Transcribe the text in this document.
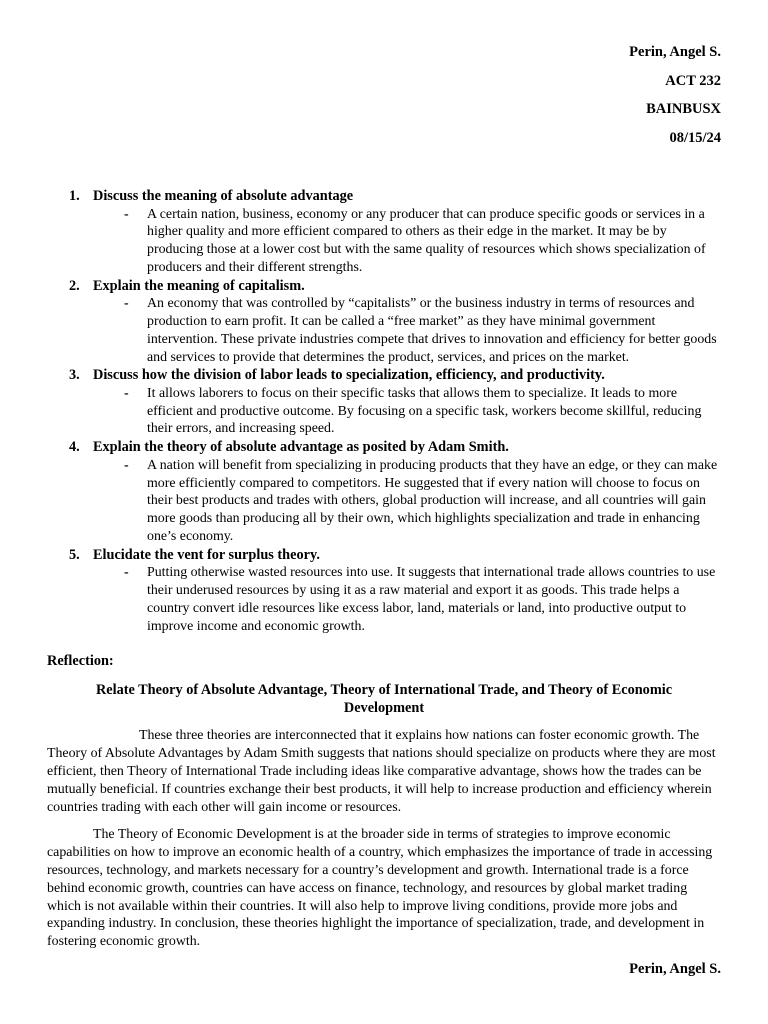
Perin, Angel S.
ACT 232
BAINBUSX
08/15/24
1. Discuss the meaning of absolute advantage
- A certain nation, business, economy or any producer that can produce specific goods or services in a higher quality and more efficient compared to others as their edge in the market. It may be by producing those at a lower cost but with the same quality of resources which shows specialization of producers and their different strengths.
2. Explain the meaning of capitalism.
- An economy that was controlled by “capitalists” or the business industry in terms of resources and production to earn profit. It can be called a “free market” as they have minimal government intervention. These private industries compete that drives to innovation and efficiency for better goods and services to provide that determines the product, services, and prices on the market.
3. Discuss how the division of labor leads to specialization, efficiency, and productivity.
- It allows laborers to focus on their specific tasks that allows them to specialize. It leads to more efficient and productive outcome. By focusing on a specific task, workers become skillful, reducing their errors, and increasing speed.
4. Explain the theory of absolute advantage as posited by Adam Smith.
- A nation will benefit from specializing in producing products that they have an edge, or they can make more efficiently compared to competitors. He suggested that if every nation will choose to focus on their best products and trades with others, global production will increase, and all countries will gain more goods than producing all by their own, which highlights specialization and trade in enhancing one’s economy.
5. Elucidate the vent for surplus theory.
- Putting otherwise wasted resources into use. It suggests that international trade allows countries to use their underused resources by using it as a raw material and export it as goods. This trade helps a country convert idle resources like excess labor, land, materials or land, into productive output to improve income and economic growth.
Reflection:
Relate Theory of Absolute Advantage, Theory of International Trade, and Theory of Economic Development
These three theories are interconnected that it explains how nations can foster economic growth. The Theory of Absolute Advantages by Adam Smith suggests that nations should specialize on products where they are most efficient, then Theory of International Trade including ideas like comparative advantage, shows how the trades can be mutually beneficial. If countries exchange their best products, it will help to increase production and efficiency wherein countries trading with each other will gain income or resources.
The Theory of Economic Development is at the broader side in terms of strategies to improve economic capabilities on how to improve an economic health of a country, which emphasizes the importance of trade in accessing resources, technology, and markets necessary for a country’s development and growth. International trade is a force behind economic growth, countries can have access on finance, technology, and resources by global market trading which is not available within their countries. It will also help to improve living conditions, provide more jobs and expanding industry. In conclusion, these theories highlight the importance of specialization, trade, and development in fostering economic growth.
Perin, Angel S.
